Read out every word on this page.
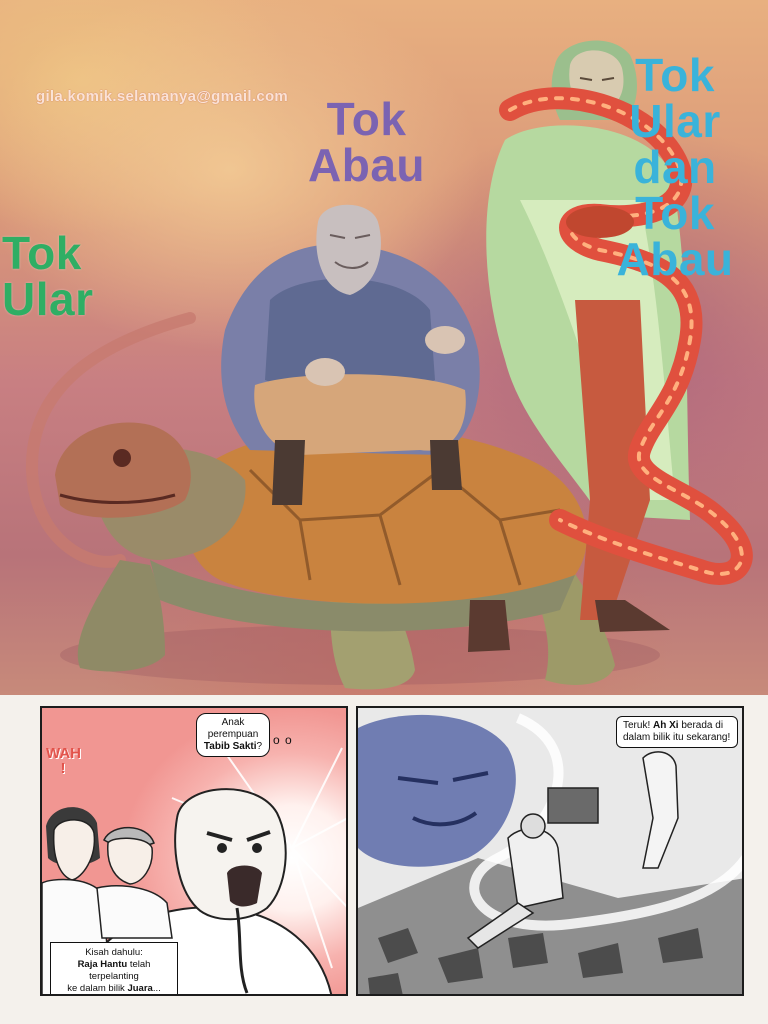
gila.komik.selamanya@gmail.com
Tok
Ular
Tok
Abau
Tok
Ular
dan
Tok
Abau
WAH
!
Anak
perempuan
Tabib Sakti? o o
Kisah dahulu:
Raja Hantu telah terpelanting
ke dalam bilik Juara...
Teruk! Ah Xi berada di dalam bilik itu sekarang!
